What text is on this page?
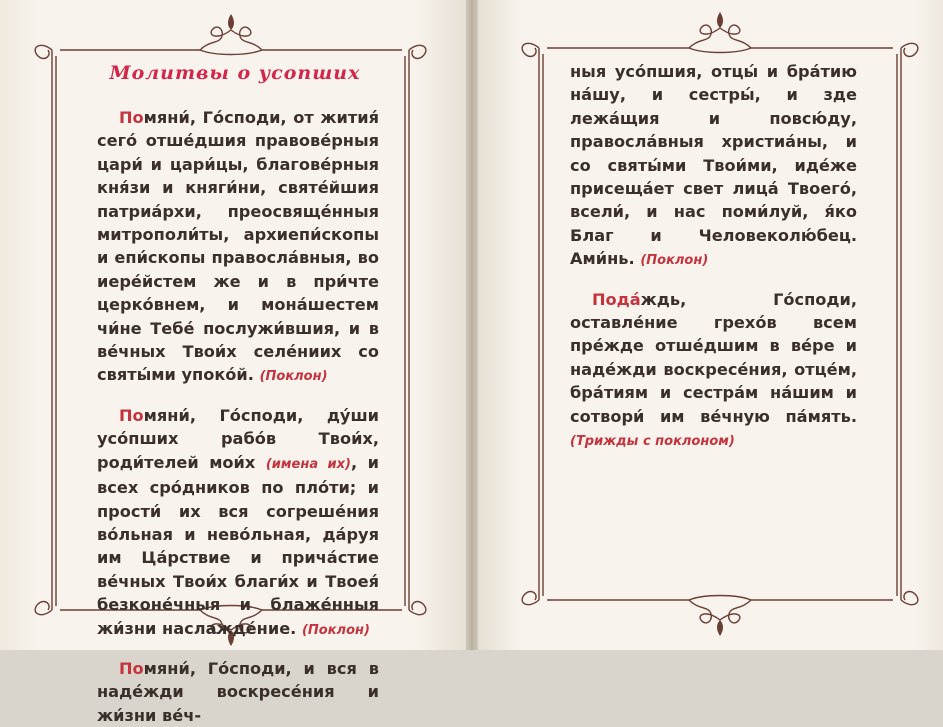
Молитвы о усопших

Помяни́, Го́споди, от жития́ сего́ отше́дшия правове́рныя цари́ и цари́цы, благове́рныя кня́зи и княги́ни, святе́йшия патриа́рхи, преосвяще́нныя митрополи́ты, архиепи́скопы и епи́скопы правосла́вныя, во иере́йстем же и в при́чте церко́внем, и мона́шестем чи́не Тебе́ послужи́вшия, и в ве́чных Твои́х селе́ниих со святы́ми упоко́й. (Поклон)

Помяни́, Го́споди, ду́ши усо́пших рабо́в Твои́х, роди́телей мои́х (имена их), и всех сро́дников по пло́ти; и прости́ их вся согреше́ния во́льная и нево́льная, да́руя им Ца́рствие и прича́стие ве́чных Твои́х благи́х и Твоея́ безконе́чныя и блаже́нныя жи́зни наслажде́ние. (Поклон)

Помяни́, Го́споди, и вся в наде́жди воскресе́ния и жи́зни ве́ч-

ныя усо́пшия, отцы́ и бра́тию на́шу, и сестры́, и зде лежа́щия и повсю́ду, правосла́вныя христиа́ны, и со святы́ми Твои́ми, иде́же присеща́ет свет лица́ Твоего́, всели́, и нас поми́луй, я́ко Благ и Человеколю́бец. Ами́нь. (Поклон)

Пода́ждь, Го́споди, оставле́ние грехо́в всем пре́жде отше́дшим в ве́ре и наде́жди воскресе́ния, отце́м, бра́тиям и сестра́м на́шим и сотвори́ им ве́чную па́мять. (Трижды с поклоном)
